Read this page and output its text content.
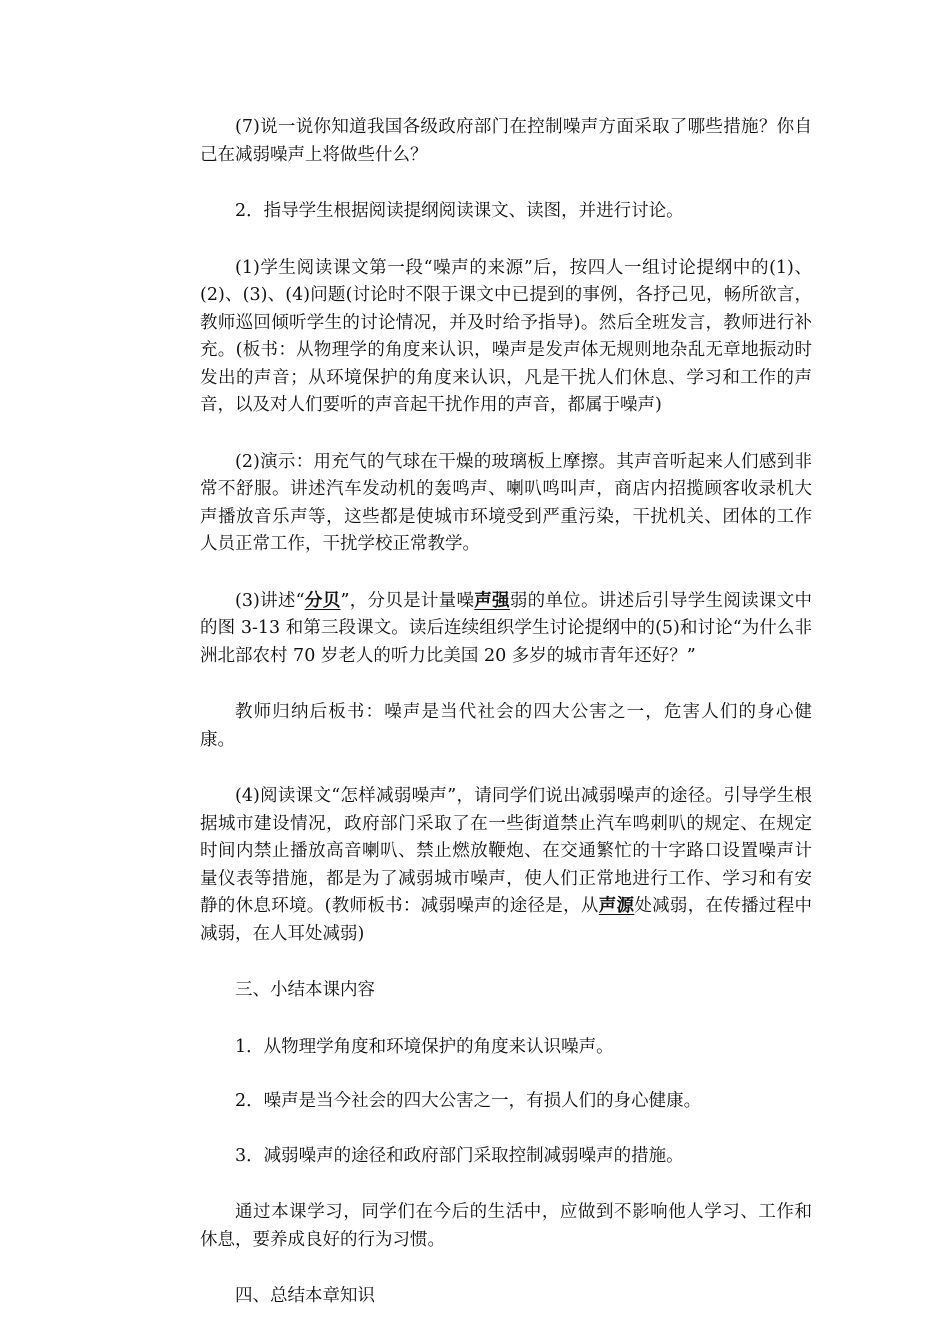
(7)说一说你知道我国各级政府部门在控制噪声方面采取了哪些措施？你自己在减弱噪声上将做些什么？

2．指导学生根据阅读提纲阅读课文、读图，并进行讨论。

(1)学生阅读课文第一段“噪声的来源”后，按四人一组讨论提纲中的(1)、(2)、(3)、(4)问题(讨论时不限于课文中已提到的事例，各抒己见，畅所欲言，教师巡回倾听学生的讨论情况，并及时给予指导)。然后全班发言，教师进行补充。(板书：从物理学的角度来认识，噪声是发声体无规则地杂乱无章地振动时发出的声音；从环境保护的角度来认识，凡是干扰人们休息、学习和工作的声音，以及对人们要听的声音起干扰作用的声音，都属于噪声)

(2)演示：用充气的气球在干燥的玻璃板上摩擦。其声音听起来人们感到非常不舒服。讲述汽车发动机的轰鸣声、喇叭鸣叫声，商店内招揽顾客收录机大声播放音乐声等，这些都是使城市环境受到严重污染，干扰机关、团体的工作人员正常工作，干扰学校正常教学。

(3)讲述“分贝”，分贝是计量噪声强弱的单位。讲述后引导学生阅读课文中的图 3-13 和第三段课文。读后连续组织学生讨论提纲中的(5)和讨论“为什么非洲北部农村 70 岁老人的听力比美国 20 多岁的城市青年还好？”

教师归纳后板书：噪声是当代社会的四大公害之一，危害人们的身心健康。

(4)阅读课文“怎样减弱噪声”，请同学们说出减弱噪声的途径。引导学生根据城市建设情况，政府部门采取了在一些街道禁止汽车鸣刺叭的规定、在规定时间内禁止播放高音喇叭、禁止燃放鞭炮、在交通繁忙的十字路口设置噪声计量仪表等措施，都是为了减弱城市噪声，使人们正常地进行工作、学习和有安静的休息环境。(教师板书：减弱噪声的途径是，从声源处减弱，在传播过程中减弱，在人耳处减弱)

三、小结本课内容

1．从物理学角度和环境保护的角度来认识噪声。

2．噪声是当今社会的四大公害之一，有损人们的身心健康。

3．减弱噪声的途径和政府部门采取控制减弱噪声的措施。

通过本课学习，同学们在今后的生活中，应做到不影响他人学习、工作和休息，要养成良好的行为习惯。

四、总结本章知识
